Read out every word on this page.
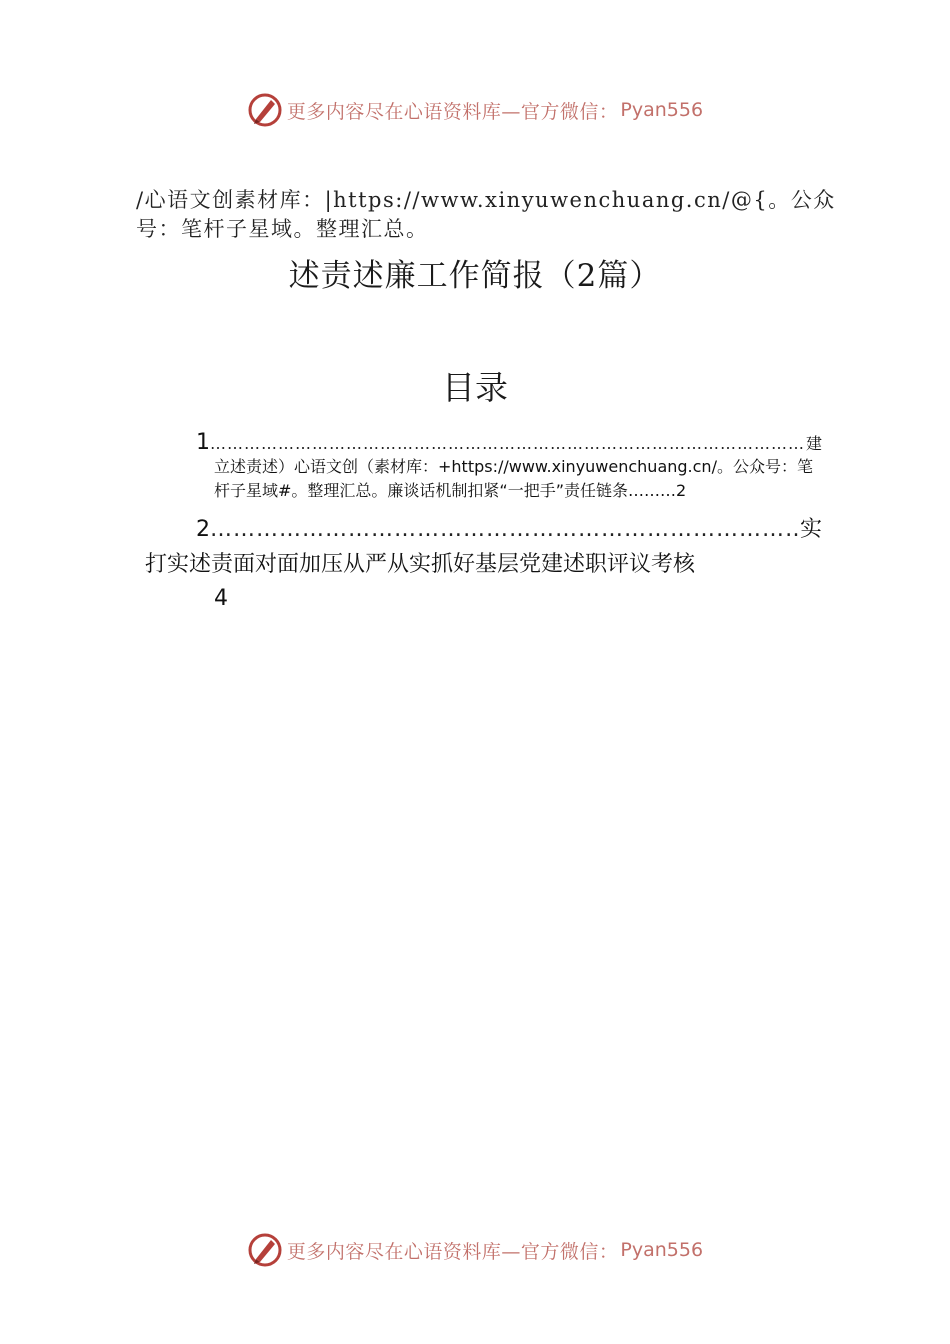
更多内容尽在心语资料库—官方微信： Pyan556
/心语文创素材库：|https://www.xinyuwenchuang.cn/@{。公众号：笔杆子星域。整理汇总。
述责述廉工作简报（2篇）
目录
1 ……………………………………………………………………………………………………………………………………………………	建
立述责述）心语文创（素材库：+https://www.xinyuwenchuang.cn/。公众号：笔杆子星域#。整理汇总。廉谈话机制扣紧“一把手”责任链条………2
2 ……………………………………………………………………………………………………………………………………………………	实
打实述责面对面加压从严从实抓好基层党建述职评议考核
4
更多内容尽在心语资料库—官方微信： Pyan556
